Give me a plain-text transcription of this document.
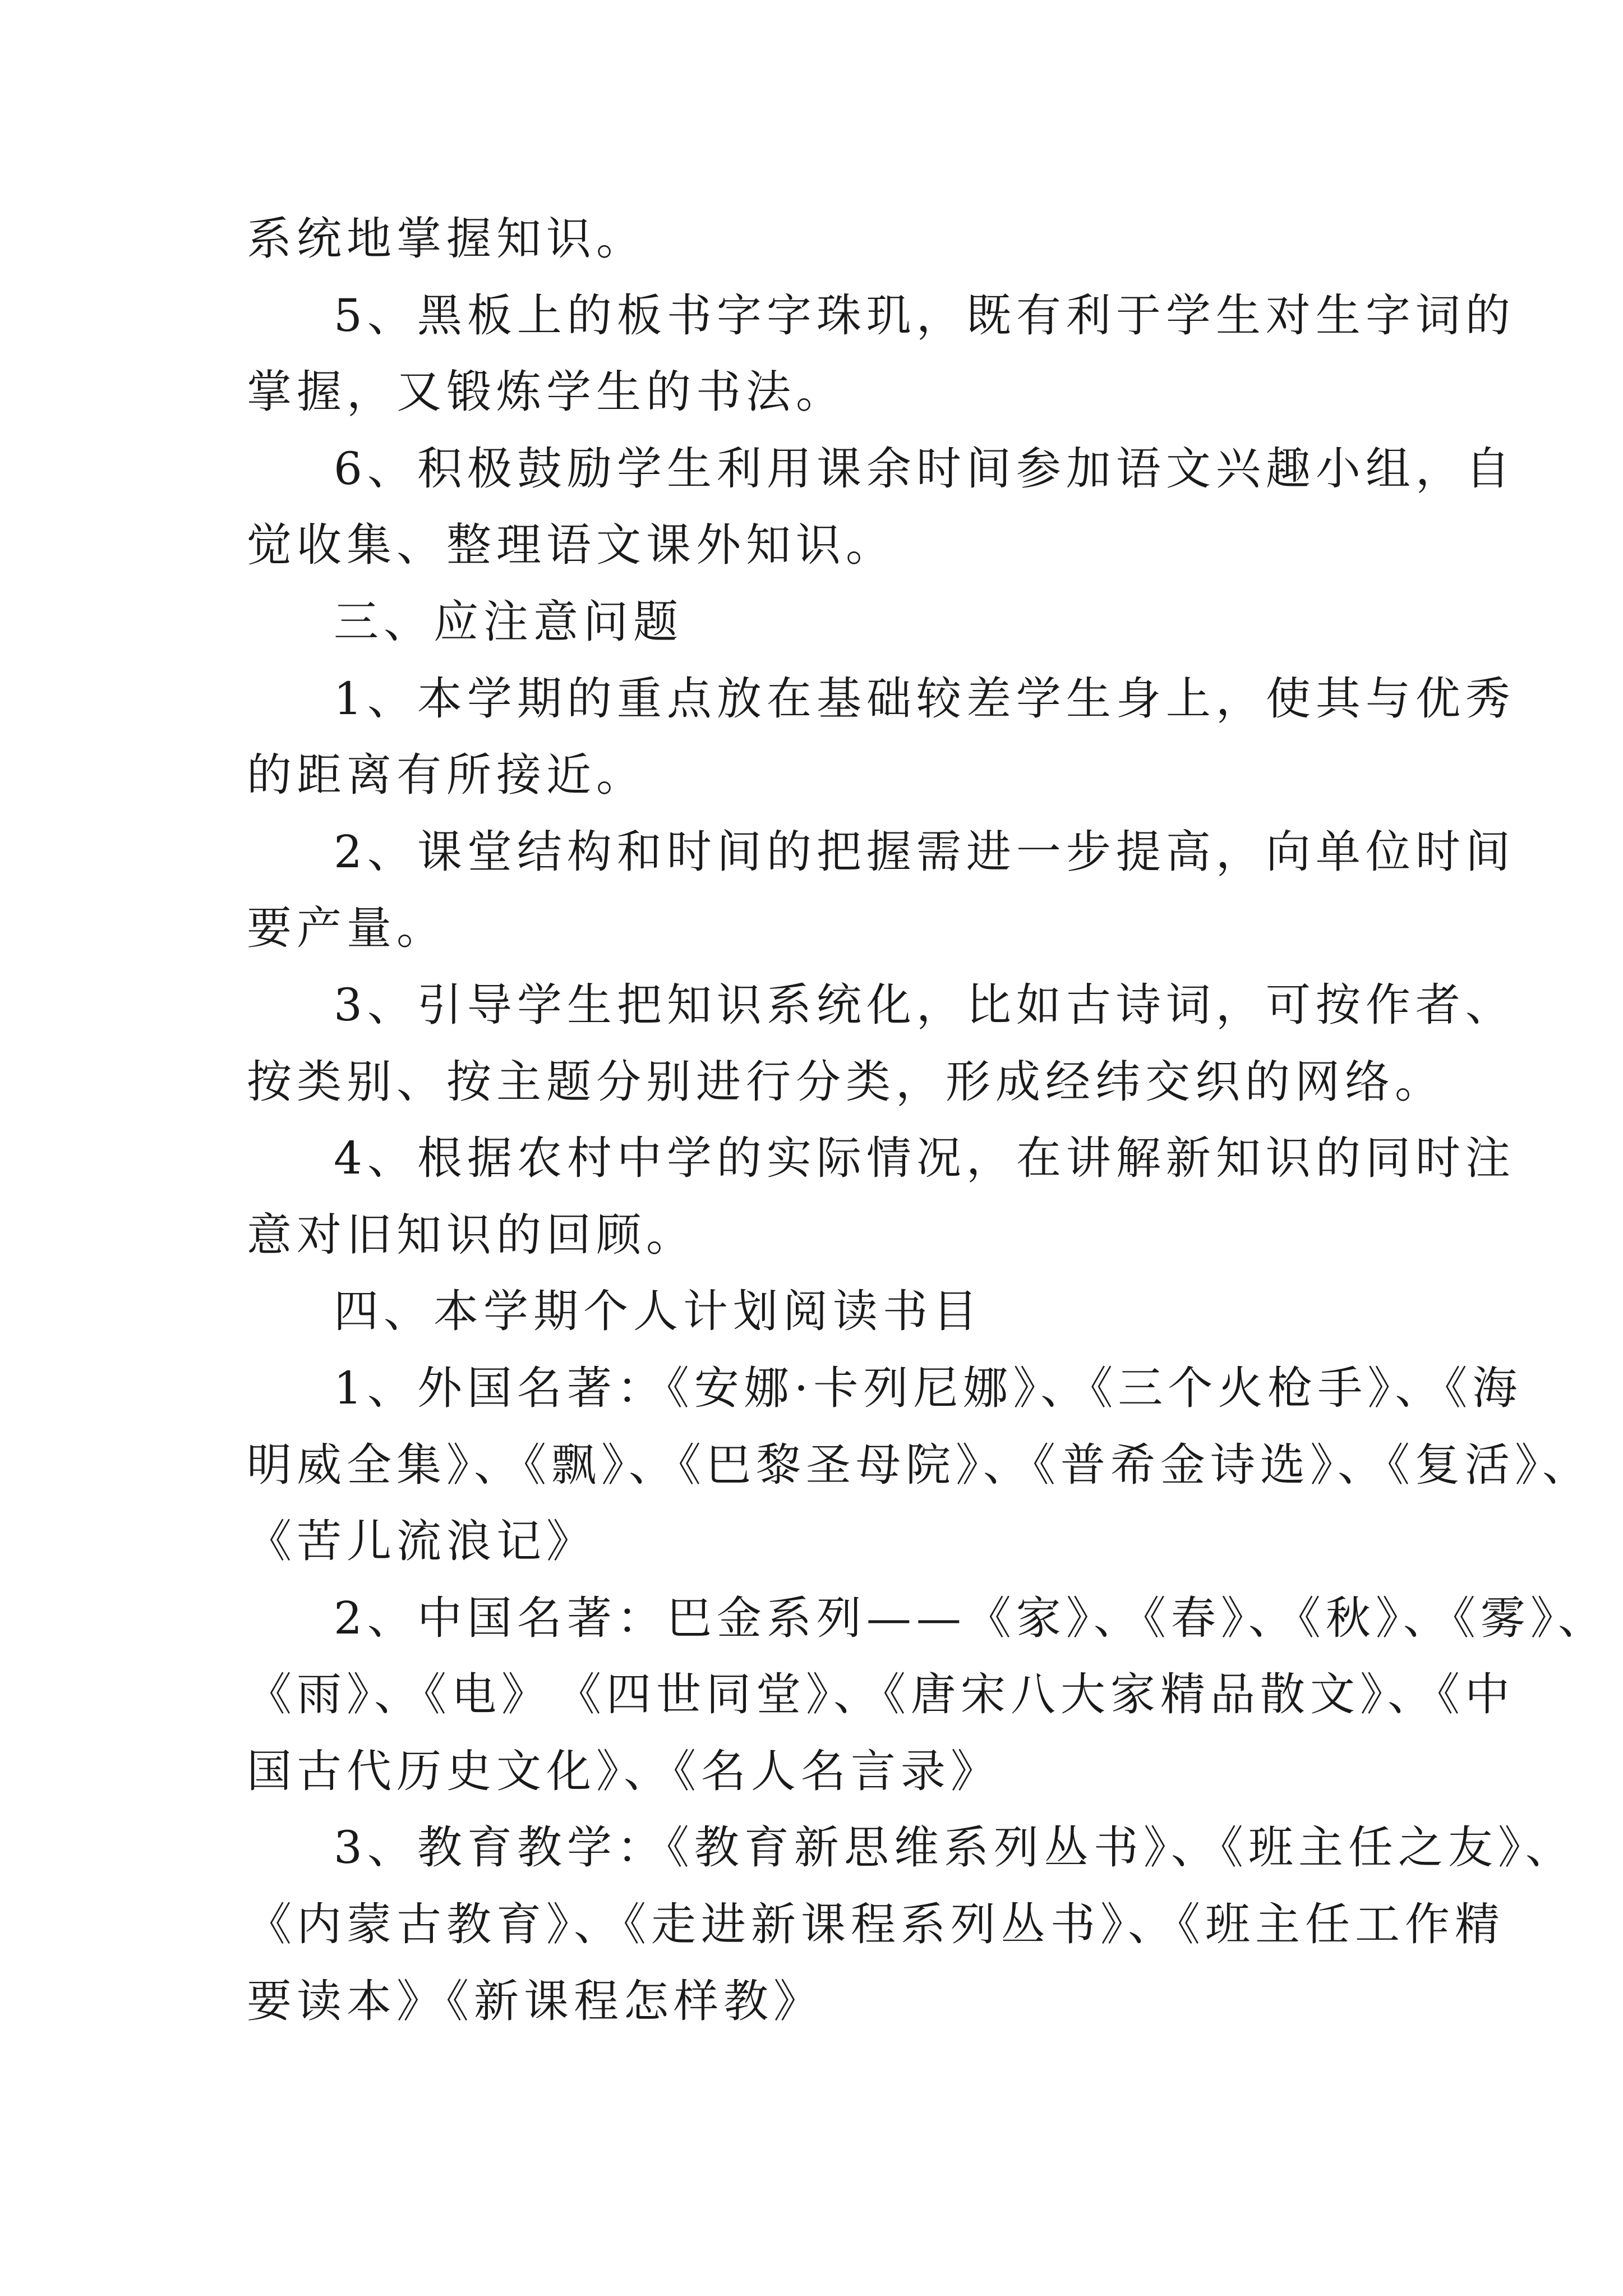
系统地掌握知识。
5、黑板上的板书字字珠玑，既有利于学生对生字词的
掌握，又锻炼学生的书法。
6、积极鼓励学生利用课余时间参加语文兴趣小组，自
觉收集、整理语文课外知识。
三、应注意问题
1、本学期的重点放在基础较差学生身上，使其与优秀
的距离有所接近。
2、课堂结构和时间的把握需进一步提高，向单位时间
要产量。
3、引导学生把知识系统化，比如古诗词，可按作者、
按类别、按主题分别进行分类，形成经纬交织的网络。
4、根据农村中学的实际情况，在讲解新知识的同时注
意对旧知识的回顾。
四、本学期个人计划阅读书目
1、外国名著：《安娜·卡列尼娜》、《三个火枪手》、《海
明威全集》、《飘》、《巴黎圣母院》、《普希金诗选》、《复活》、
《苦儿流浪记》
2、中国名著：巴金系列——《家》、《春》、《秋》、《雾》、
《雨》、《电》　《四世同堂》、《唐宋八大家精品散文》、《中
国古代历史文化》、《名人名言录》
3、教育教学：《教育新思维系列丛书》、《班主任之友》、
《内蒙古教育》、《走进新课程系列丛书》、《班主任工作精
要读本》《新课程怎样教》
